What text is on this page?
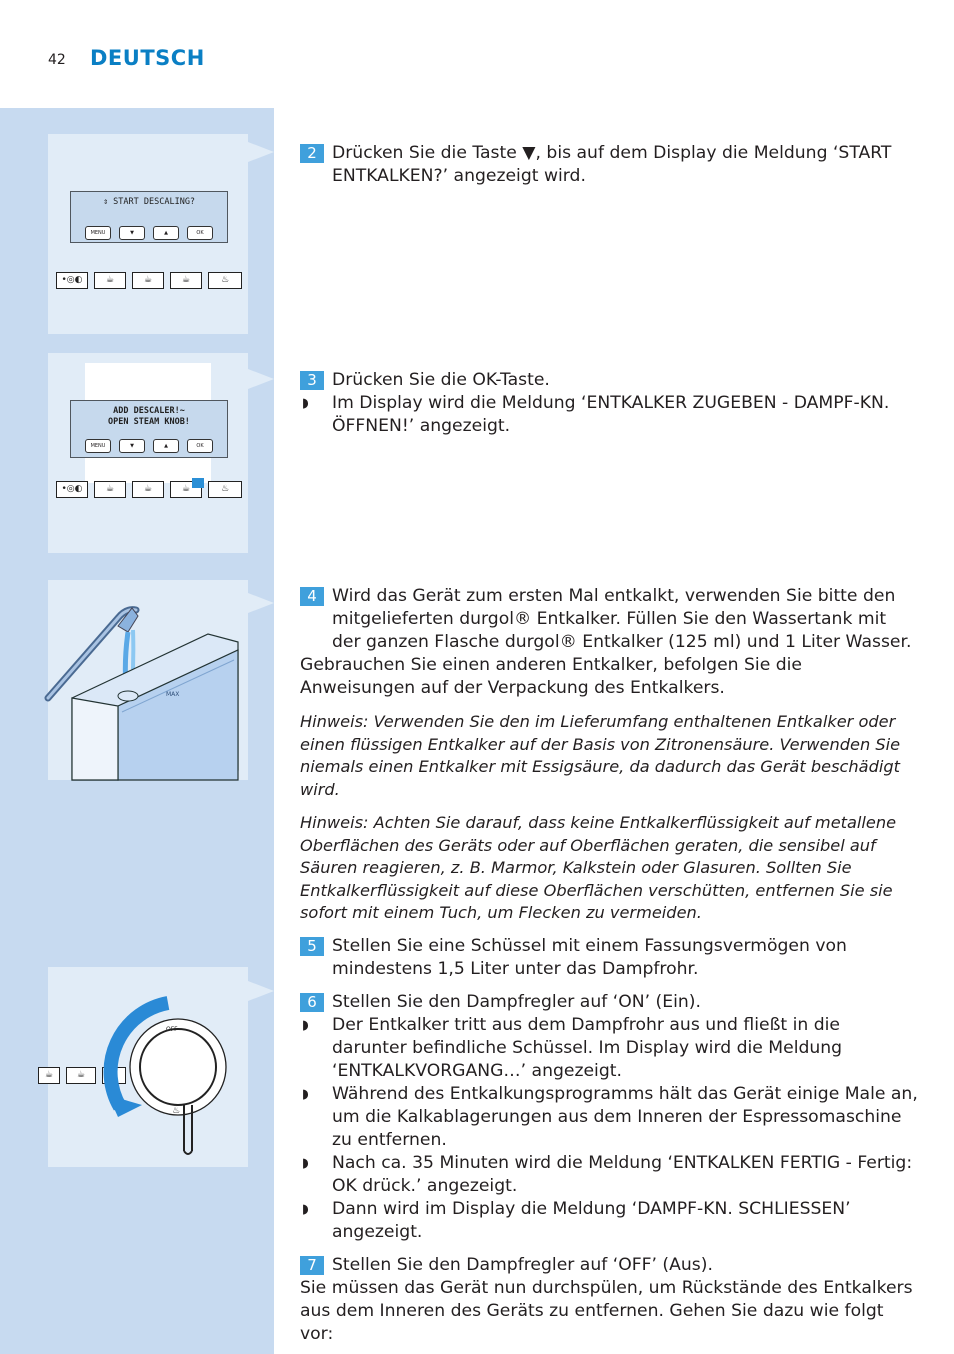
42 DEUTSCH
⇕ START DESCALING?
MENU	▼	▲	OK
•◎◐	☕	☕	☕	♨
ADD DESCALER!~
OPEN STEAM KNOB!
MENU	▼	▲	OK
•◎◐	☕	☕	☕	♨
MAX
☕	☕	♨
OFF
♨
2 Drücken Sie die Taste ▼, bis auf dem Display die Meldung ‘START ENTKALKEN?’ angezeigt wird.
3 Drücken Sie die OK-Taste.
◗ Im Display wird die Meldung ‘ENTKALKER ZUGEBEN - DAMPF-KN. ÖFFNEN!’ angezeigt.
4 Wird das Gerät zum ersten Mal entkalkt, verwenden Sie bitte den mitgelieferten durgol® Entkalker. Füllen Sie den Wassertank mit der ganzen Flasche durgol® Entkalker (125 ml) und 1 Liter Wasser.
Gebrauchen Sie einen anderen Entkalker, befolgen Sie die Anweisungen auf der Verpackung des Entkalkers.
Hinweis: Verwenden Sie den im Lieferumfang enthaltenen Entkalker oder einen flüssigen Entkalker auf der Basis von Zitronensäure. Verwenden Sie niemals einen Entkalker mit Essigsäure, da dadurch das Gerät beschädigt wird.
Hinweis: Achten Sie darauf, dass keine Entkalkerflüssigkeit auf metallene Oberflächen des Geräts oder auf Oberflächen geraten, die sensibel auf Säuren reagieren, z. B. Marmor, Kalkstein oder Glasuren. Sollten Sie Entkalkerflüssigkeit auf diese Oberflächen verschütten, entfernen Sie sie sofort mit einem Tuch, um Flecken zu vermeiden.
5 Stellen Sie eine Schüssel mit einem Fassungsvermögen von mindestens 1,5 Liter unter das Dampfrohr.
6 Stellen Sie den Dampfregler auf ‘ON’ (Ein).
◗ Der Entkalker tritt aus dem Dampfrohr aus und fließt in die darunter befindliche Schüssel. Im Display wird die Meldung ‘ENTKALKVORGANG…’ angezeigt.
◗ Während des Entkalkungsprogramms hält das Gerät einige Male an, um die Kalkablagerungen aus dem Inneren der Espressomaschine zu entfernen.
◗ Nach ca. 35 Minuten wird die Meldung ‘ENTKALKEN FERTIG - Fertig: OK drück.’ angezeigt.
◗ Dann wird im Display die Meldung ‘DAMPF-KN. SCHLIESSEN’ angezeigt.
7 Stellen Sie den Dampfregler auf ‘OFF’ (Aus).
Sie müssen das Gerät nun durchspülen, um Rückstände des Entkalkers aus dem Inneren des Geräts zu entfernen. Gehen Sie dazu wie folgt vor:
